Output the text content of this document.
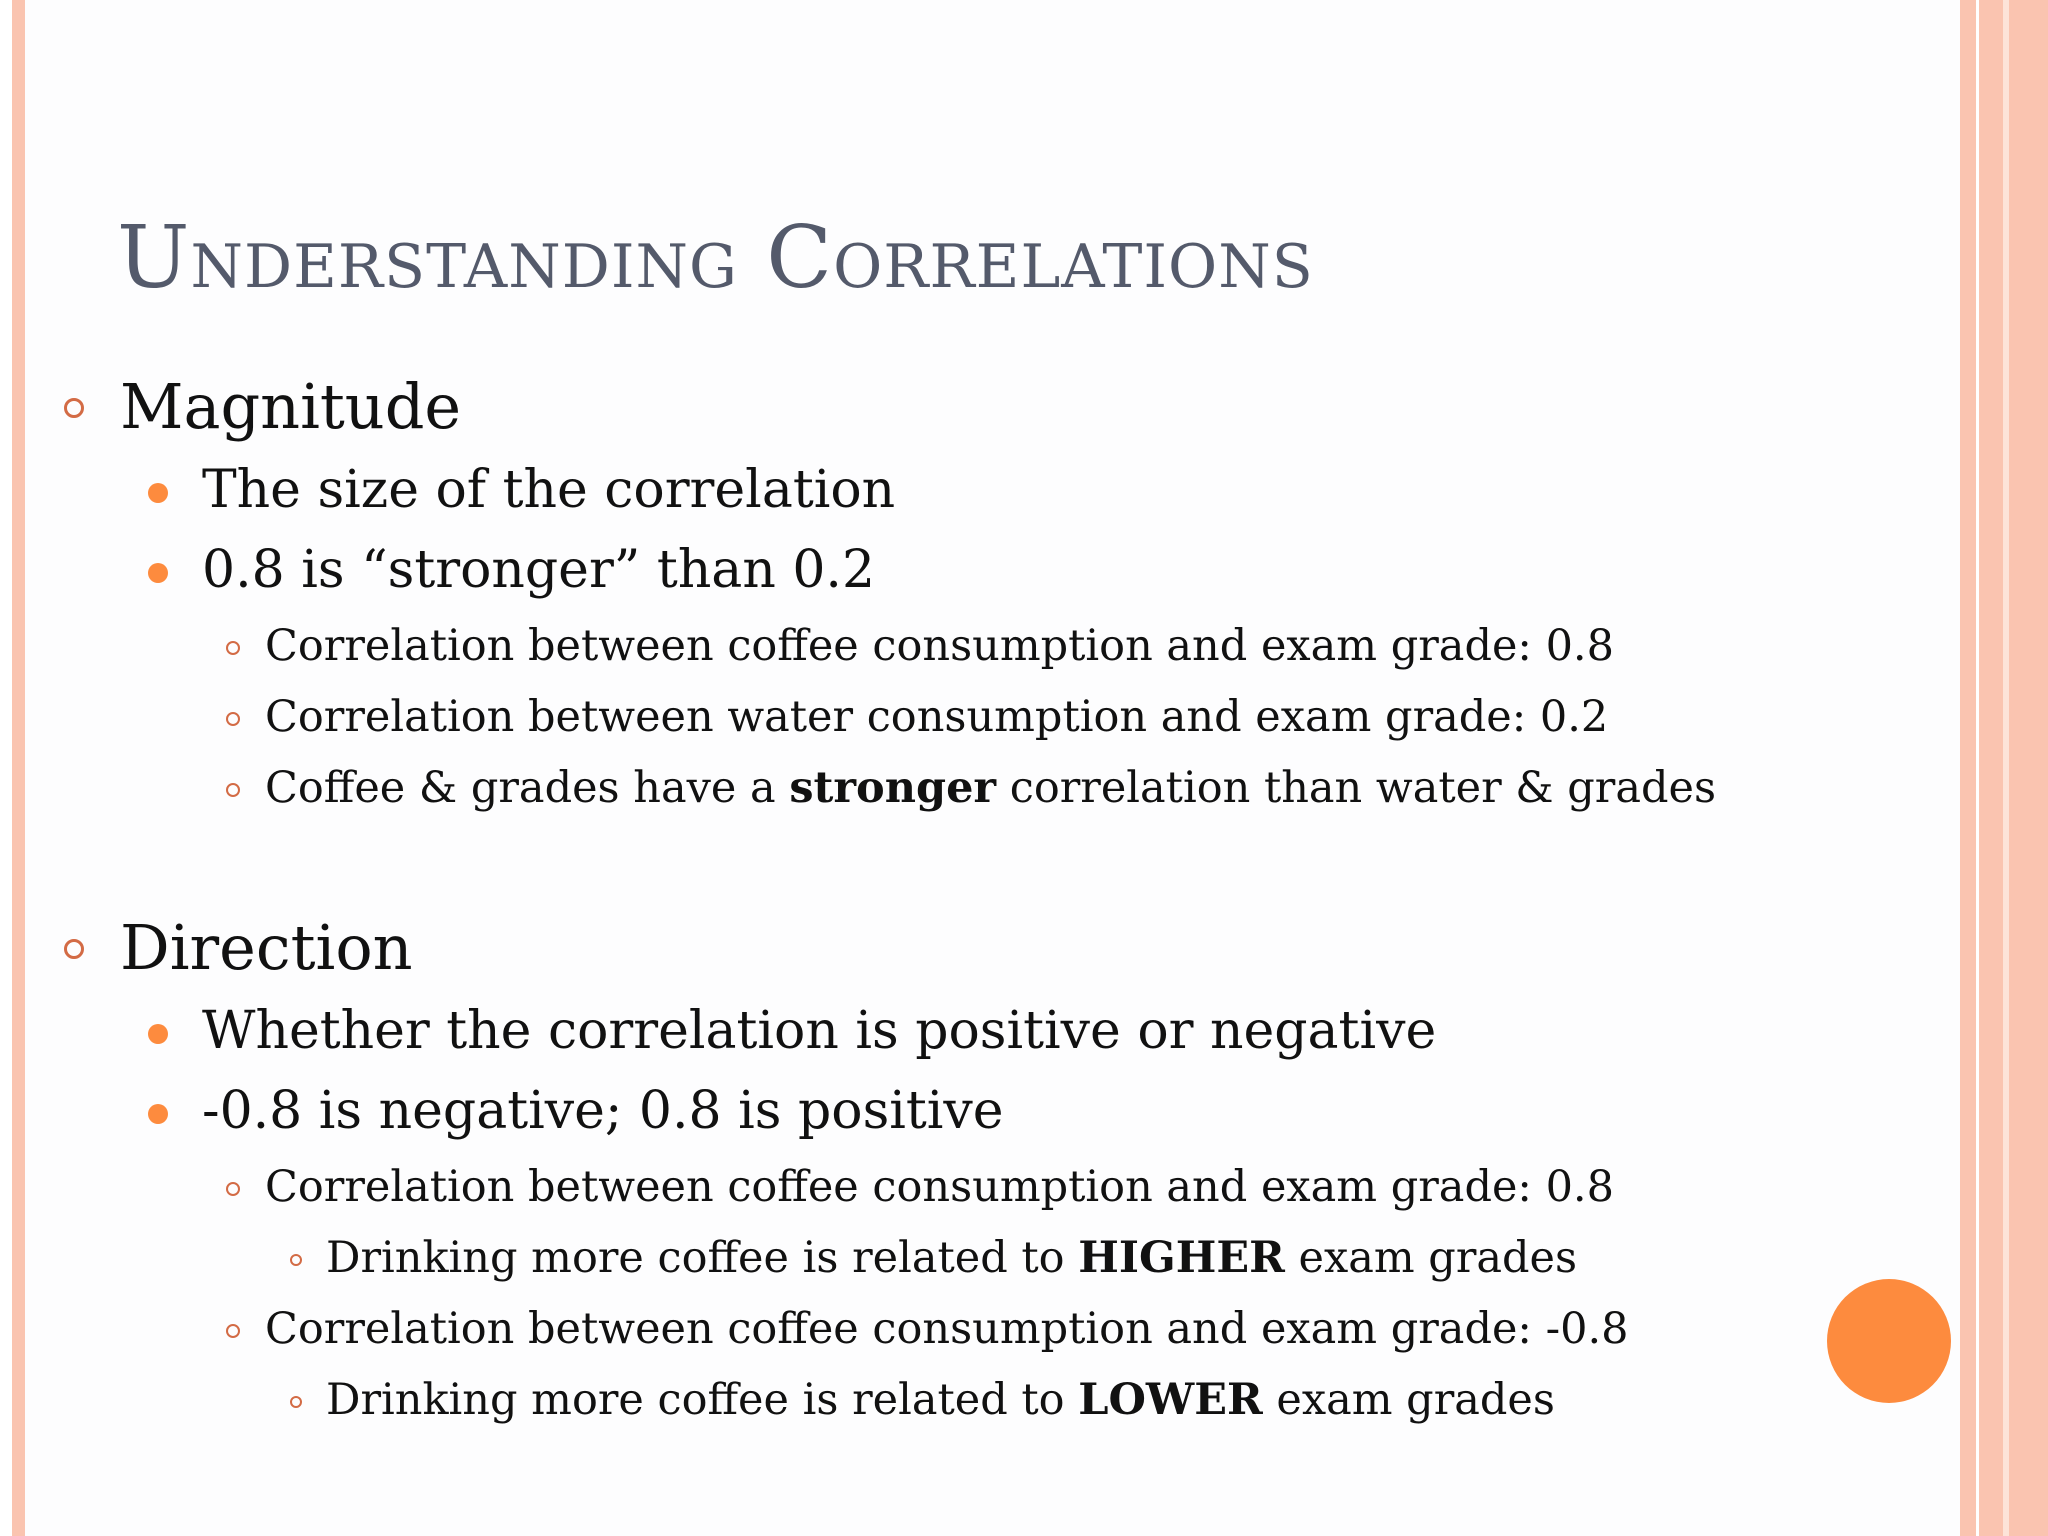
Understanding Correlations
Magnitude
The size of the correlation
0.8 is “stronger” than 0.2
Correlation between coffee consumption and exam grade: 0.8
Correlation between water consumption and exam grade: 0.2
Coffee & grades have a stronger correlation than water & grades
Direction
Whether the correlation is positive or negative
-0.8 is negative; 0.8 is positive
Correlation between coffee consumption and exam grade: 0.8
Drinking more coffee is related to HIGHER exam grades
Correlation between coffee consumption and exam grade: -0.8
Drinking more coffee is related to LOWER exam grades
